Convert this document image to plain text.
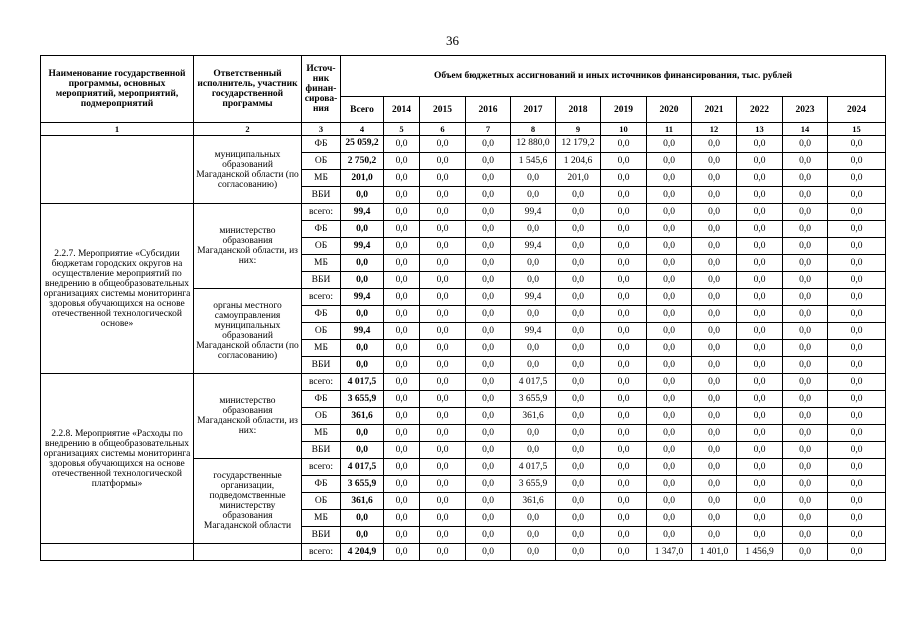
36
Наименование государственной программы, основных мероприятий, мероприятий, подмероприятий	Ответственный исполнитель, участник государственной программы	Источ-ник финан-сирова-ния	Объем бюджетных ассигнований и иных источников финансирования, тыс. рублей											
			Всего	2014	2015	2016	2017	2018	2019	2020	2021	2022	2023	2024
1	2	3	4	5	6	7	8	9	10	11	12	13	14	15
	муниципальных образований Магаданской области (по согласованию)	ФБ	25 059,2	0,0	0,0	0,0	12 880,0	12 179,2	0,0	0,0	0,0	0,0	0,0	0,0
		ОБ	2 750,2	0,0	0,0	0,0	1 545,6	1 204,6	0,0	0,0	0,0	0,0	0,0	0,0
		МБ	201,0	0,0	0,0	0,0	0,0	201,0	0,0	0,0	0,0	0,0	0,0	0,0
		ВБИ	0,0	0,0	0,0	0,0	0,0	0,0	0,0	0,0	0,0	0,0	0,0	0,0
2.2.7. Мероприятие «Субсидии бюджетам городских округов на осуществление мероприятий по внедрению в общеобразовательных организациях системы мониторинга здоровья обучающихся на основе отечественной технологической основе»	министерство образования Магаданской области, из них:	всего:	99,4	0,0	0,0	0,0	99,4	0,0	0,0	0,0	0,0	0,0	0,0	0,0
		ФБ	0,0	0,0	0,0	0,0	0,0	0,0	0,0	0,0	0,0	0,0	0,0	0,0
		ОБ	99,4	0,0	0,0	0,0	99,4	0,0	0,0	0,0	0,0	0,0	0,0	0,0
		МБ	0,0	0,0	0,0	0,0	0,0	0,0	0,0	0,0	0,0	0,0	0,0	0,0
		ВБИ	0,0	0,0	0,0	0,0	0,0	0,0	0,0	0,0	0,0	0,0	0,0	0,0
	органы местного самоуправления муниципальных образований Магаданской области (по согласованию)	всего:	99,4	0,0	0,0	0,0	99,4	0,0	0,0	0,0	0,0	0,0	0,0	0,0
		ФБ	0,0	0,0	0,0	0,0	0,0	0,0	0,0	0,0	0,0	0,0	0,0	0,0
		ОБ	99,4	0,0	0,0	0,0	99,4	0,0	0,0	0,0	0,0	0,0	0,0	0,0
		МБ	0,0	0,0	0,0	0,0	0,0	0,0	0,0	0,0	0,0	0,0	0,0	0,0
		ВБИ	0,0	0,0	0,0	0,0	0,0	0,0	0,0	0,0	0,0	0,0	0,0	0,0
2.2.8. Мероприятие «Расходы по внедрению в общеобразовательных организациях системы мониторинга здоровья обучающихся на основе отечественной технологической платформы»	министерство образования Магаданской области, из них:	всего:	4 017,5	0,0	0,0	0,0	4 017,5	0,0	0,0	0,0	0,0	0,0	0,0	0,0
		ФБ	3 655,9	0,0	0,0	0,0	3 655,9	0,0	0,0	0,0	0,0	0,0	0,0	0,0
		ОБ	361,6	0,0	0,0	0,0	361,6	0,0	0,0	0,0	0,0	0,0	0,0	0,0
		МБ	0,0	0,0	0,0	0,0	0,0	0,0	0,0	0,0	0,0	0,0	0,0	0,0
		ВБИ	0,0	0,0	0,0	0,0	0,0	0,0	0,0	0,0	0,0	0,0	0,0	0,0
	государственные организации, подведомственные министерству образования Магаданской области	всего:	4 017,5	0,0	0,0	0,0	4 017,5	0,0	0,0	0,0	0,0	0,0	0,0	0,0
		ФБ	3 655,9	0,0	0,0	0,0	3 655,9	0,0	0,0	0,0	0,0	0,0	0,0	0,0
		ОБ	361,6	0,0	0,0	0,0	361,6	0,0	0,0	0,0	0,0	0,0	0,0	0,0
		МБ	0,0	0,0	0,0	0,0	0,0	0,0	0,0	0,0	0,0	0,0	0,0	0,0
		ВБИ	0,0	0,0	0,0	0,0	0,0	0,0	0,0	0,0	0,0	0,0	0,0	0,0
		всего:	4 204,9	0,0	0,0	0,0	0,0	0,0	0,0	1 347,0	1 401,0	1 456,9	0,0	0,0
